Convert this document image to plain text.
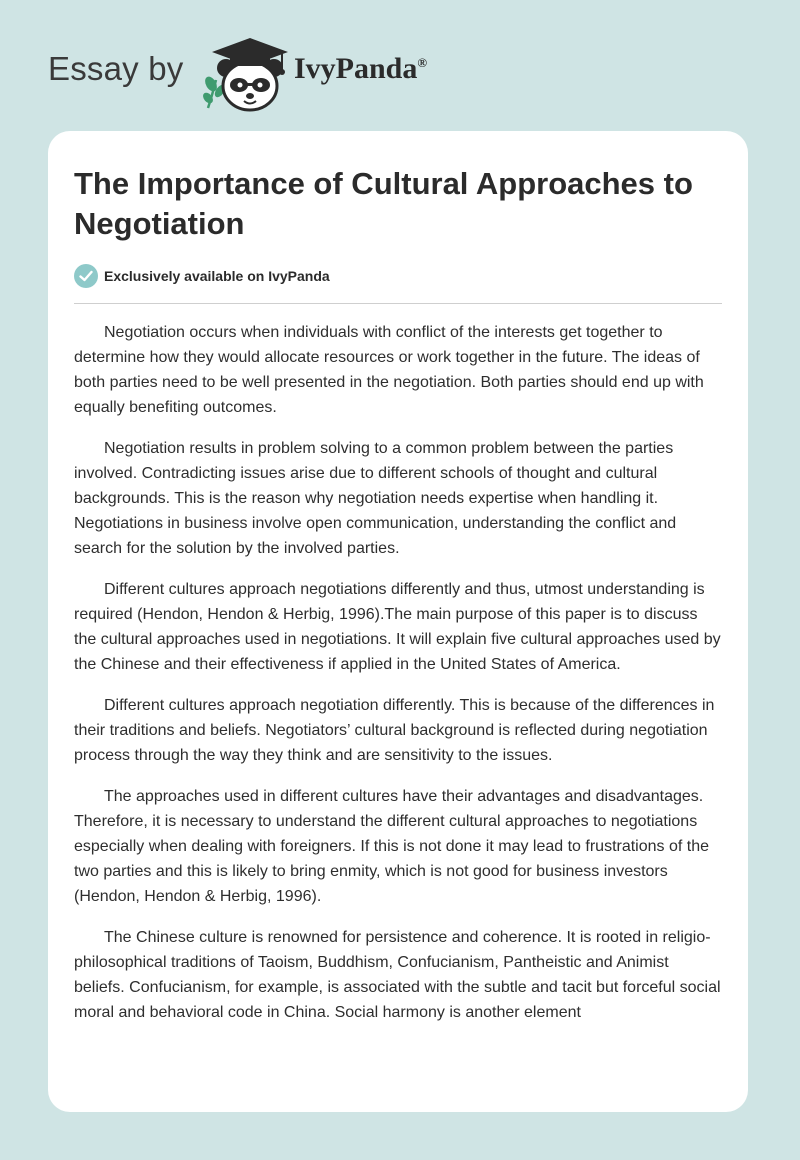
Essay by	IvyPanda®
The Importance of Cultural Approaches to Negotiation
Exclusively available on IvyPanda

Negotiation occurs when individuals with conflict of the interests get together to determine how they would allocate resources or work together in the future. The ideas of both parties need to be well presented in the negotiation. Both parties should end up with equally benefiting outcomes.

Negotiation results in problem solving to a common problem between the parties involved. Contradicting issues arise due to different schools of thought and cultural backgrounds. This is the reason why negotiation needs expertise when handling it. Negotiations in business involve open communication, understanding the conflict and search for the solution by the involved parties.

Different cultures approach negotiations differently and thus, utmost understanding is required (Hendon, Hendon & Herbig, 1996).The main purpose of this paper is to discuss the cultural approaches used in negotiations. It will explain five cultural approaches used by the Chinese and their effectiveness if applied in the United States of America.

Different cultures approach negotiation differently. This is because of the differences in their traditions and beliefs. Negotiators’ cultural background is reflected during negotiation process through the way they think and are sensitivity to the issues.

The approaches used in different cultures have their advantages and disadvantages. Therefore, it is necessary to understand the different cultural approaches to negotiations especially when dealing with foreigners. If this is not done it may lead to frustrations of the two parties and this is likely to bring enmity, which is not good for business investors (Hendon, Hendon & Herbig, 1996).

The Chinese culture is renowned for persistence and coherence. It is rooted in religio-philosophical traditions of Taoism, Buddhism, Confucianism, Pantheistic and Animist beliefs. Confucianism, for example, is associated with the subtle and tacit but forceful social moral and behavioral code in China. Social harmony is another element
